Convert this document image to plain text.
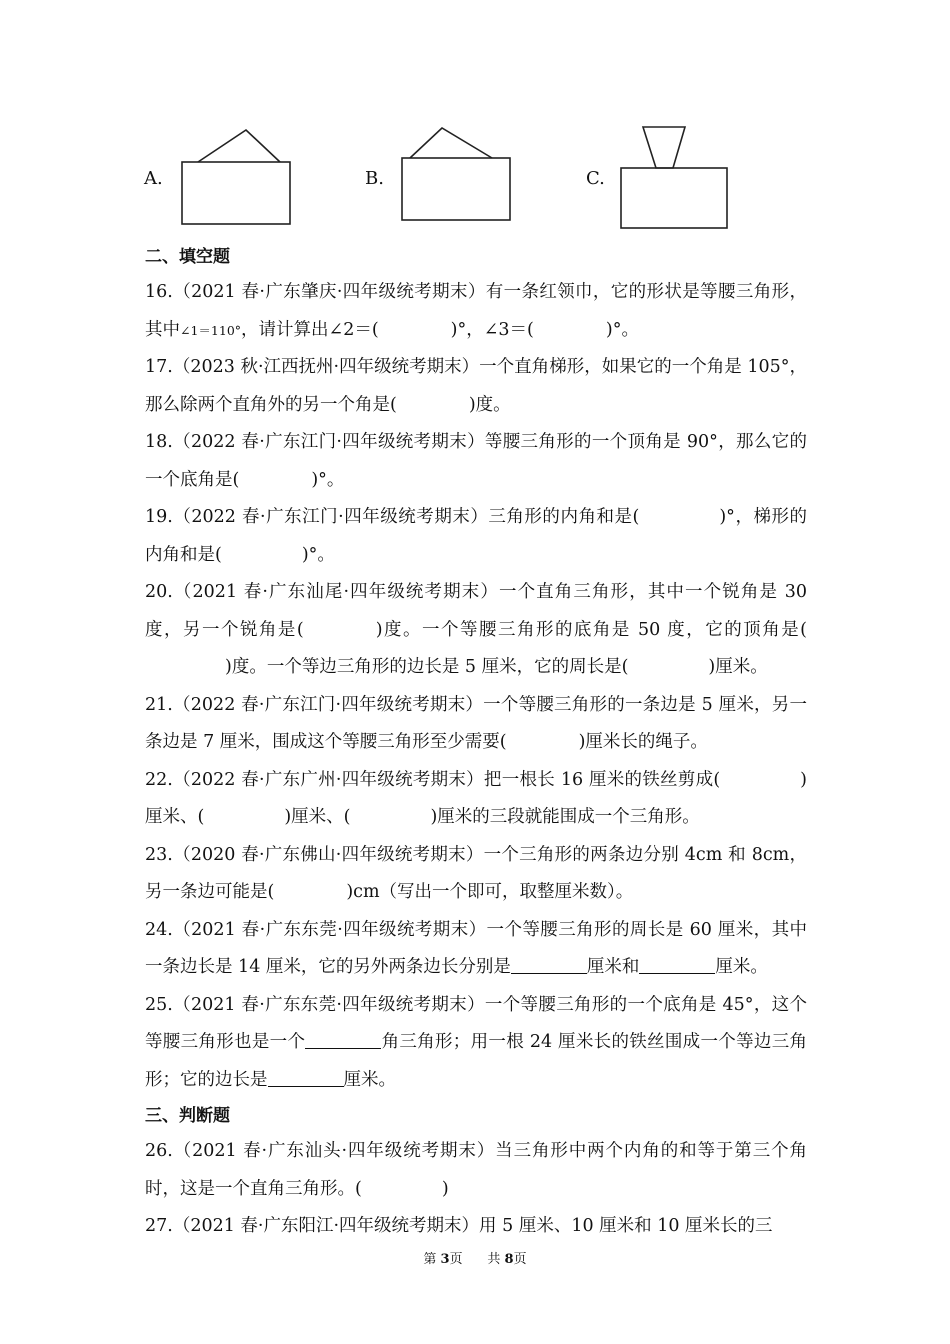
A.	B.	C.
二、填空题
16.（2021 春·广东肇庆·四年级统考期末）有一条红领巾，它的形状是等腰三角形，其中∠1＝110°，请计算出∠2＝(	)°，∠3＝(	)°。
17.（2023 秋·江西抚州·四年级统考期末）一个直角梯形，如果它的一个角是 105°，那么除两个直角外的另一个角是(	)度。
18.（2022 春·广东江门·四年级统考期末）等腰三角形的一个顶角是 90°，那么它的一个底角是(	)°。
19.（2022 春·广东江门·四年级统考期末）三角形的内角和是(	)°，梯形的内角和是(	)°。
20.（2021 春·广东汕尾·四年级统考期末）一个直角三角形，其中一个锐角是 30 度，另一个锐角是(	)度。一个等腰三角形的底角是 50 度，它的顶角是()度。一个等边三角形的边长是 5 厘米，它的周长是(	)厘米。
21.（2022 春·广东江门·四年级统考期末）一个等腰三角形的一条边是 5 厘米，另一条边是 7 厘米，围成这个等腰三角形至少需要(	)厘米长的绳子。
22.（2022 春·广东广州·四年级统考期末）把一根长 16 厘米的铁丝剪成(	)厘米、(	)厘米、(	)厘米的三段就能围成一个三角形。
23.（2020 春·广东佛山·四年级统考期末）一个三角形的两条边分别 4cm 和 8cm，另一条边可能是(	)cm（写出一个即可，取整厘米数）。
24.（2021 春·广东东莞·四年级统考期末）一个等腰三角形的周长是 60 厘米，其中一条边长是 14 厘米，它的另外两条边长分别是	厘米和	厘米。
25.（2021 春·广东东莞·四年级统考期末）一个等腰三角形的一个底角是 45°，这个等腰三角形也是一个	角三角形；用一根 24 厘米长的铁丝围成一个等边三角形；它的边长是	厘米。
三、判断题
26.（2021 春·广东汕头·四年级统考期末）当三角形中两个内角的和等于第三个角时，这是一个直角三角形。(	)
27.（2021 春·广东阳江·四年级统考期末）用 5 厘米、10 厘米和 10 厘米长的三
第 3页 共 8页
